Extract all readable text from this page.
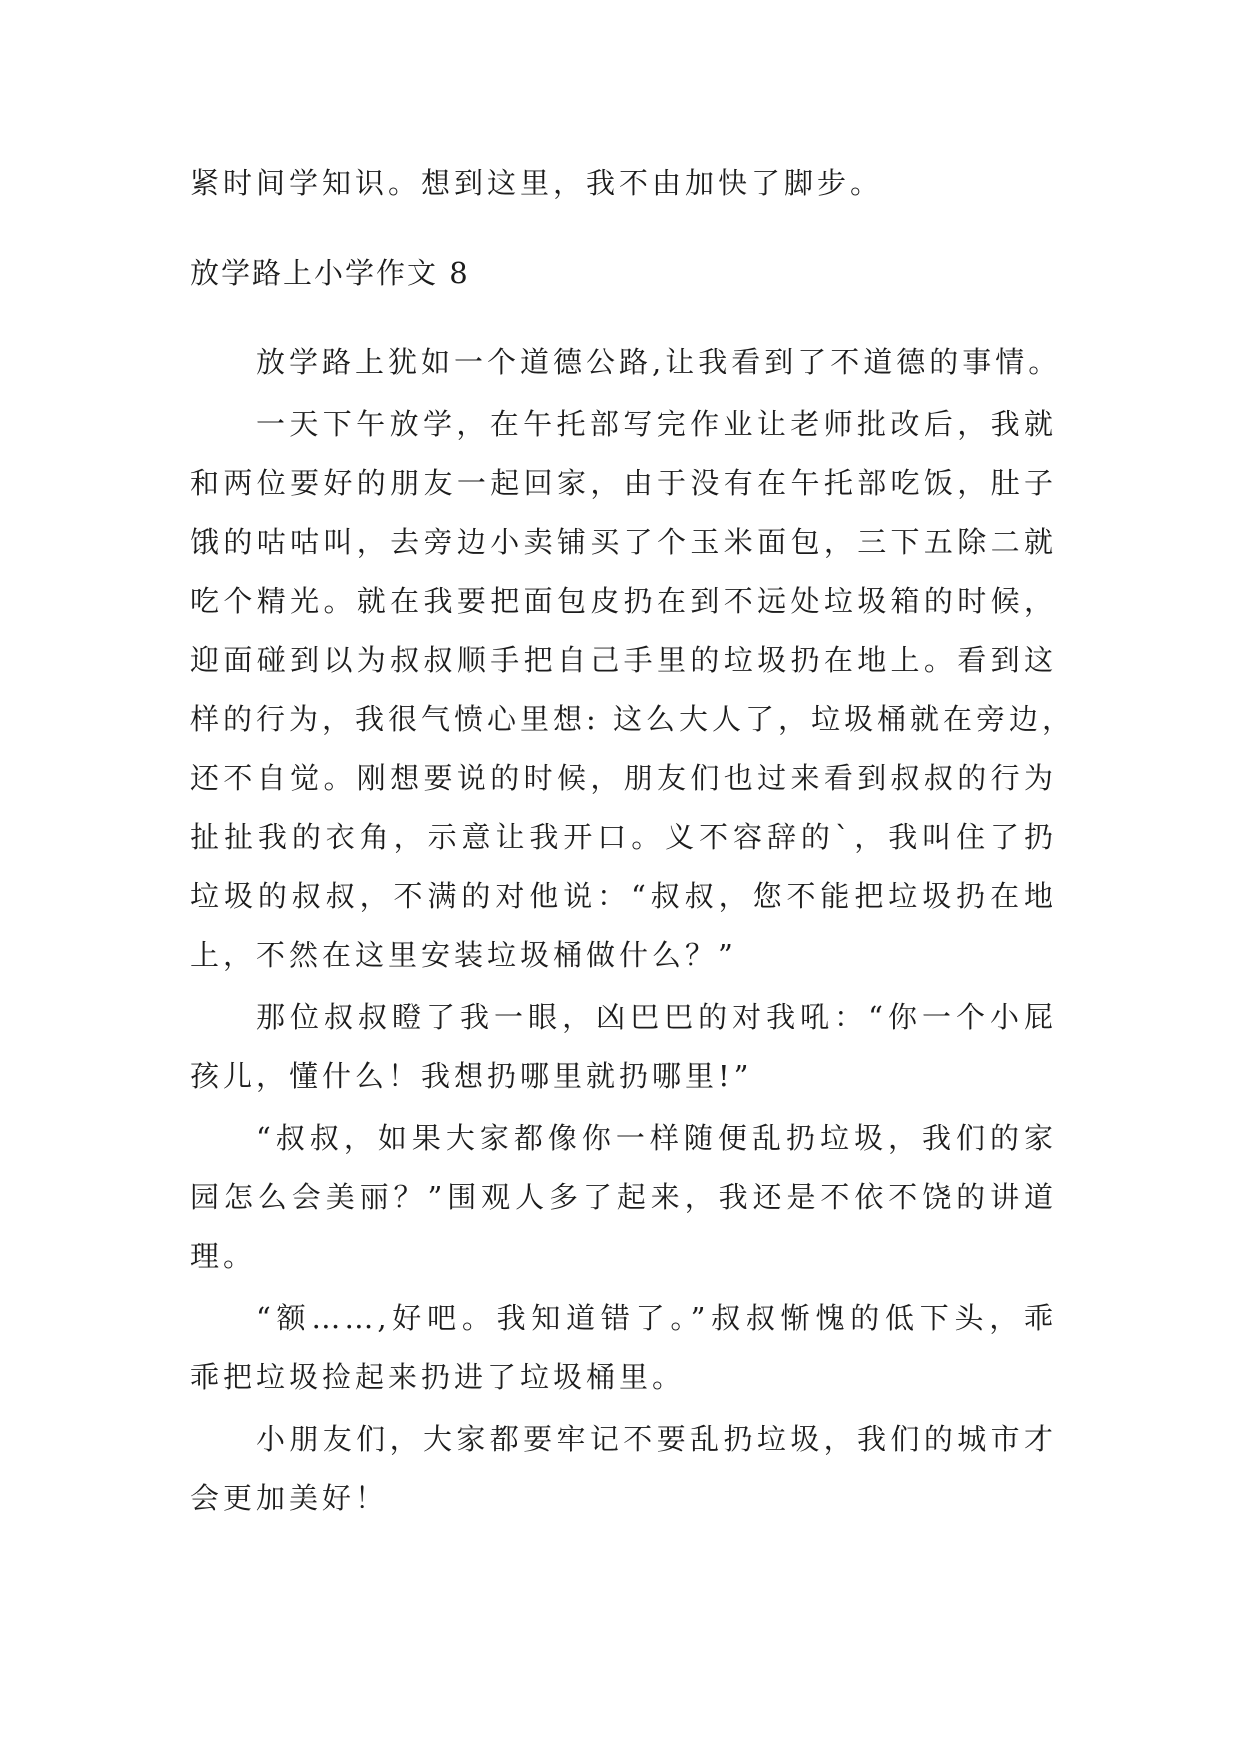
紧时间学知识。想到这里，我不由加快了脚步。
放学路上小学作文 8
放学路上犹如一个道德公路,让我看到了不道德的事情。
一天下午放学，在午托部写完作业让老师批改后，我就
和两位要好的朋友一起回家，由于没有在午托部吃饭，肚子
饿的咕咕叫，去旁边小卖铺买了个玉米面包，三下五除二就
吃个精光。就在我要把面包皮扔在到不远处垃圾箱的时候，
迎面碰到以为叔叔顺手把自己手里的垃圾扔在地上。看到这
样的行为，我很气愤心里想: 这么大人了，垃圾桶就在旁边，
还不自觉。刚想要说的时候，朋友们也过来看到叔叔的行为
扯扯我的衣角，示意让我开口。义不容辞的`，我叫住了扔
垃圾的叔叔，不满的对他说：“叔叔，您不能把垃圾扔在地
上，不然在这里安装垃圾桶做什么？”
那位叔叔瞪了我一眼，凶巴巴的对我吼：“你一个小屁
孩儿，懂什么！我想扔哪里就扔哪里!”
“叔叔，如果大家都像你一样随便乱扔垃圾，我们的家
园怎么会美丽？”围观人多了起来，我还是不依不饶的讲道
理。
“额……,好吧。我知道错了。”叔叔惭愧的低下头，乖
乖把垃圾捡起来扔进了垃圾桶里。
小朋友们，大家都要牢记不要乱扔垃圾，我们的城市才
会更加美好！
